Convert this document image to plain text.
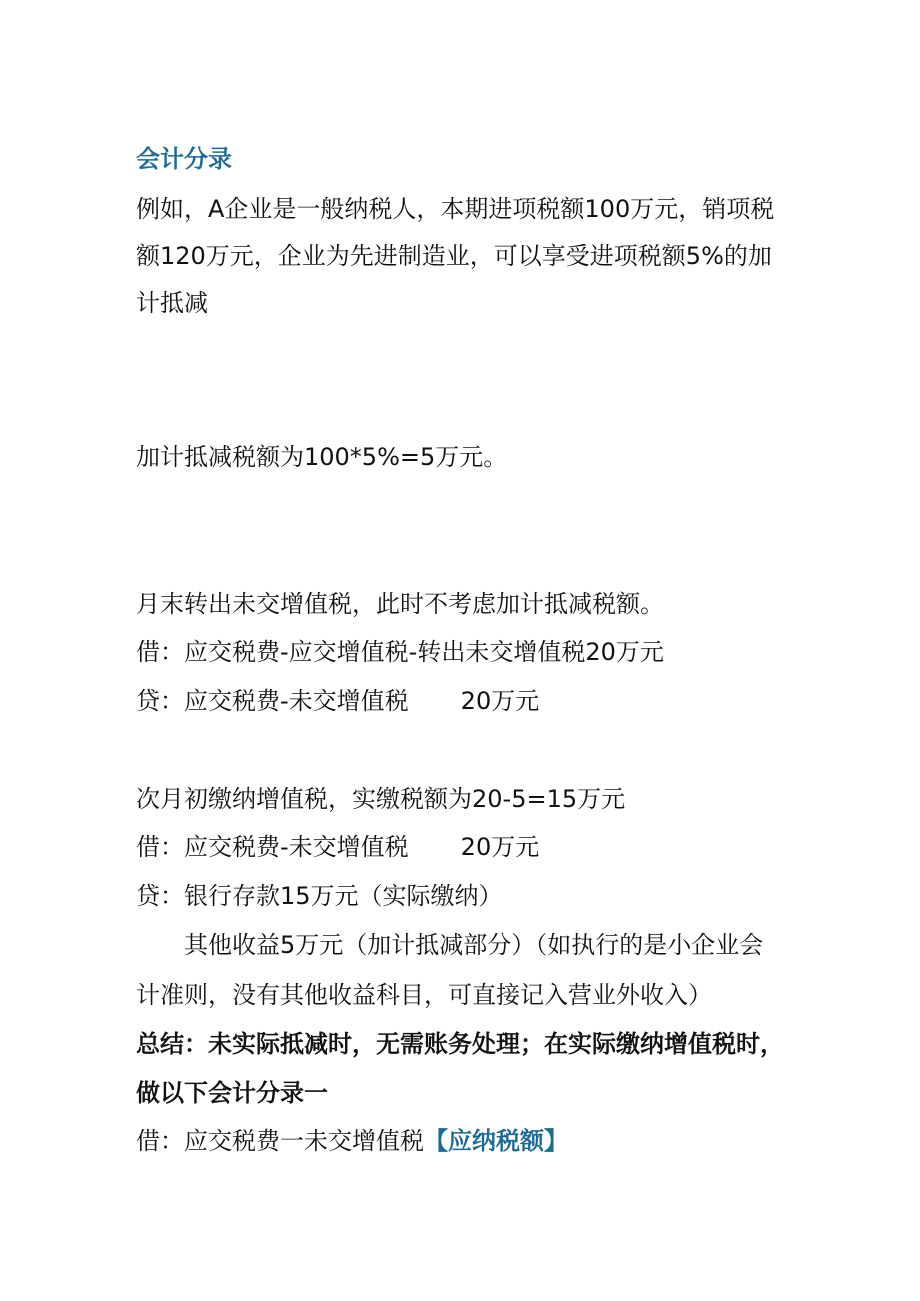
会计分录

例如，A企业是一般纳税人，本期进项税额100万元，销项税

额120万元，企业为先进制造业，可以享受进项税额5%的加

计抵减

加计抵减税额为100*5%=5万元。

月末转出未交增值税，此时不考虑加计抵减税额。

借：应交税费-应交增值税-转出未交增值税20万元

贷：应交税费-未交增值税 20万元

次月初缴纳增值税，实缴税额为20-5=15万元

借：应交税费-未交增值税 20万元

贷：银行存款15万元（实际缴纳）

其他收益5万元（加计抵减部分）（如执行的是小企业会

计准则，没有其他收益科目，可直接记入营业外收入）

总结：未实际抵减时，无需账务处理；在实际缴纳增值税时，

做以下会计分录一

借：应交税费一未交增值税【应纳税额】
